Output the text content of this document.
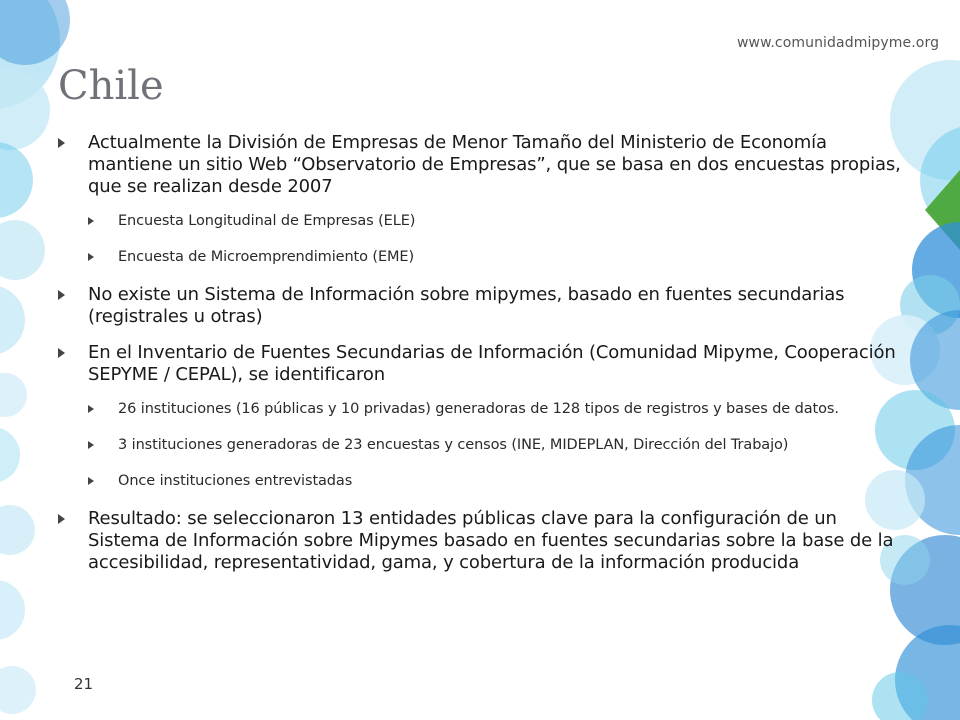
www.comunidadmipyme.org
Chile
Actualmente la División de Empresas de Menor Tamaño del Ministerio de Economía mantiene un sitio Web “Observatorio de Empresas”, que se basa en dos encuestas propias, que se realizan desde 2007
Encuesta Longitudinal de Empresas (ELE)
Encuesta de Microemprendimiento (EME)
No existe un Sistema de Información sobre mipymes, basado en fuentes secundarias (registrales u otras)
En el Inventario de Fuentes Secundarias de Información (Comunidad Mipyme, Cooperación SEPYME / CEPAL), se identificaron
26 instituciones (16 públicas y 10 privadas) generadoras de 128 tipos de registros y bases de datos.
3 instituciones generadoras de 23 encuestas y censos (INE, MIDEPLAN, Dirección del Trabajo)
Once instituciones entrevistadas
Resultado: se seleccionaron 13 entidades públicas clave para la configuración de un Sistema de Información sobre Mipymes basado en fuentes secundarias sobre la base de la accesibilidad, representatividad, gama, y cobertura de la información producida
21
